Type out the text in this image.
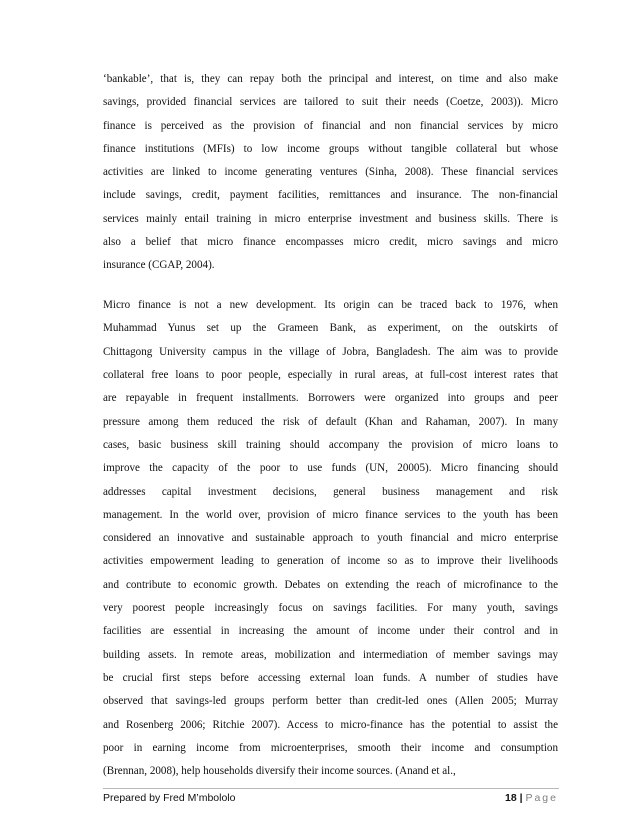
‘bankable’, that is, they can repay both the principal and interest, on time and also make
savings, provided financial services are tailored to suit their needs (Coetze, 2003)). Micro
finance is perceived as the provision of financial and non financial services by micro
finance institutions (MFIs) to low income groups without tangible collateral but whose
activities are linked to income generating ventures (Sinha, 2008). These financial services
include savings, credit, payment facilities, remittances and insurance. The non-financial
services mainly entail training in micro enterprise investment and business skills. There is
also a belief that micro finance encompasses micro credit, micro savings and micro
insurance (CGAP, 2004).
Micro finance is not a new development. Its origin can be traced back to 1976, when
Muhammad Yunus set up the Grameen Bank, as experiment, on the outskirts of
Chittagong University campus in the village of Jobra, Bangladesh. The aim was to provide
collateral free loans to poor people, especially in rural areas, at full-cost interest rates that
are repayable in frequent installments. Borrowers were organized into groups and peer
pressure among them reduced the risk of default (Khan and Rahaman, 2007). In many
cases, basic business skill training should accompany the provision of micro loans to
improve the capacity of the poor to use funds (UN, 20005). Micro financing should
addresses capital investment decisions, general business management and risk
management. In the world over, provision of micro finance services to the youth has been
considered an innovative and sustainable approach to youth financial and micro enterprise
activities empowerment leading to generation of income so as to improve their livelihoods
and contribute to economic growth. Debates on extending the reach of microfinance to the
very poorest people increasingly focus on savings facilities. For many youth, savings
facilities are essential in increasing the amount of income under their control and in
building assets. In remote areas, mobilization and intermediation of member savings may
be crucial first steps before accessing external loan funds. A number of studies have
observed that savings-led groups perform better than credit-led ones (Allen 2005; Murray
and Rosenberg 2006; Ritchie 2007). Access to micro-finance has the potential to assist the
poor in earning income from microenterprises, smooth their income and consumption
(Brennan, 2008), help households diversify their income sources. (Anand et al.,
Prepared by Fred M’mbololo	18 | Page
